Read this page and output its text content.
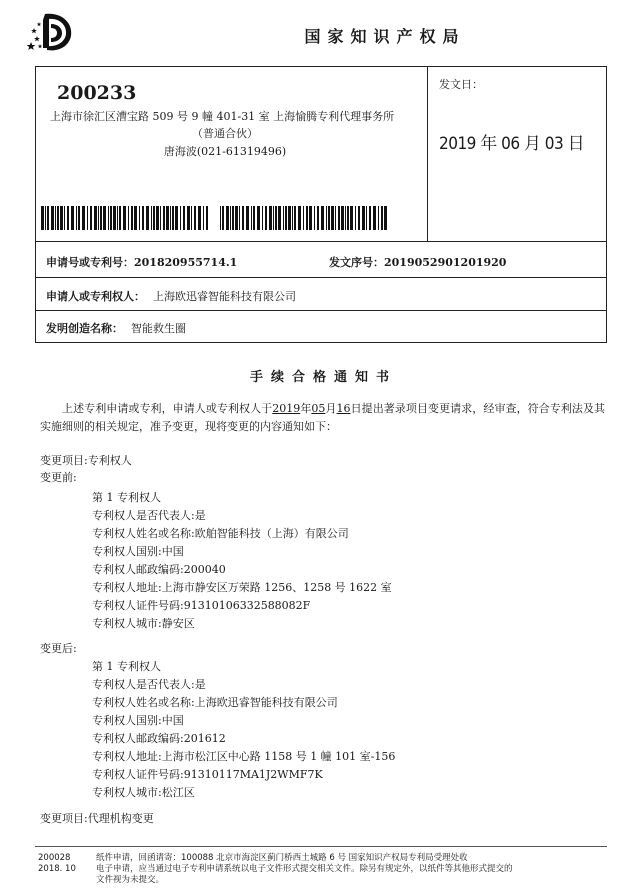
国家知识产权局
200233
上海市徐汇区漕宝路 509 号 9 幢 401-31 室 上海愉腾专利代理事务所
（普通合伙）
唐海波(021-61319496)
发文日：
2019 年 06 月 03 日
申请号或专利号：201820955714.1	发文序号：2019052901201920
申请人或专利权人： 上海欧迅睿智能科技有限公司
发明创造名称： 智能救生圈
手续合格通知书
上述专利申请或专利，申请人或专利权人于2019年05月16日提出著录项目变更请求，经审查，符合专利法及其实施细则的相关规定，准予变更，现将变更的内容通知如下：
变更项目:专利权人
变更前:
第 1 专利权人
专利权人是否代表人:是
专利权人姓名或名称:欧舶智能科技（上海）有限公司
专利权人国别:中国
专利权人邮政编码:200040
专利权人地址:上海市静安区万荣路 1256、1258 号 1622 室
专利权人证件号码:91310106332588082F
专利权人城市:静安区
变更后:
第 1 专利权人
专利权人是否代表人:是
专利权人姓名或名称:上海欧迅睿智能科技有限公司
专利权人国别:中国
专利权人邮政编码:201612
专利权人地址:上海市松江区中心路 1158 号 1 幢 101 室-156
专利权人证件号码:91310117MA1J2WMF7K
专利权人城市:松江区
变更项目:代理机构变更
200028
2018. 10
纸件申请，回函请寄：100088 北京市海淀区蓟门桥西土城路 6 号 国家知识产权局专利局受理处收
电子申请，应当通过电子专利申请系统以电子文件形式提交相关文件。除另有规定外，以纸件等其他形式提交的
文件视为未提交。
